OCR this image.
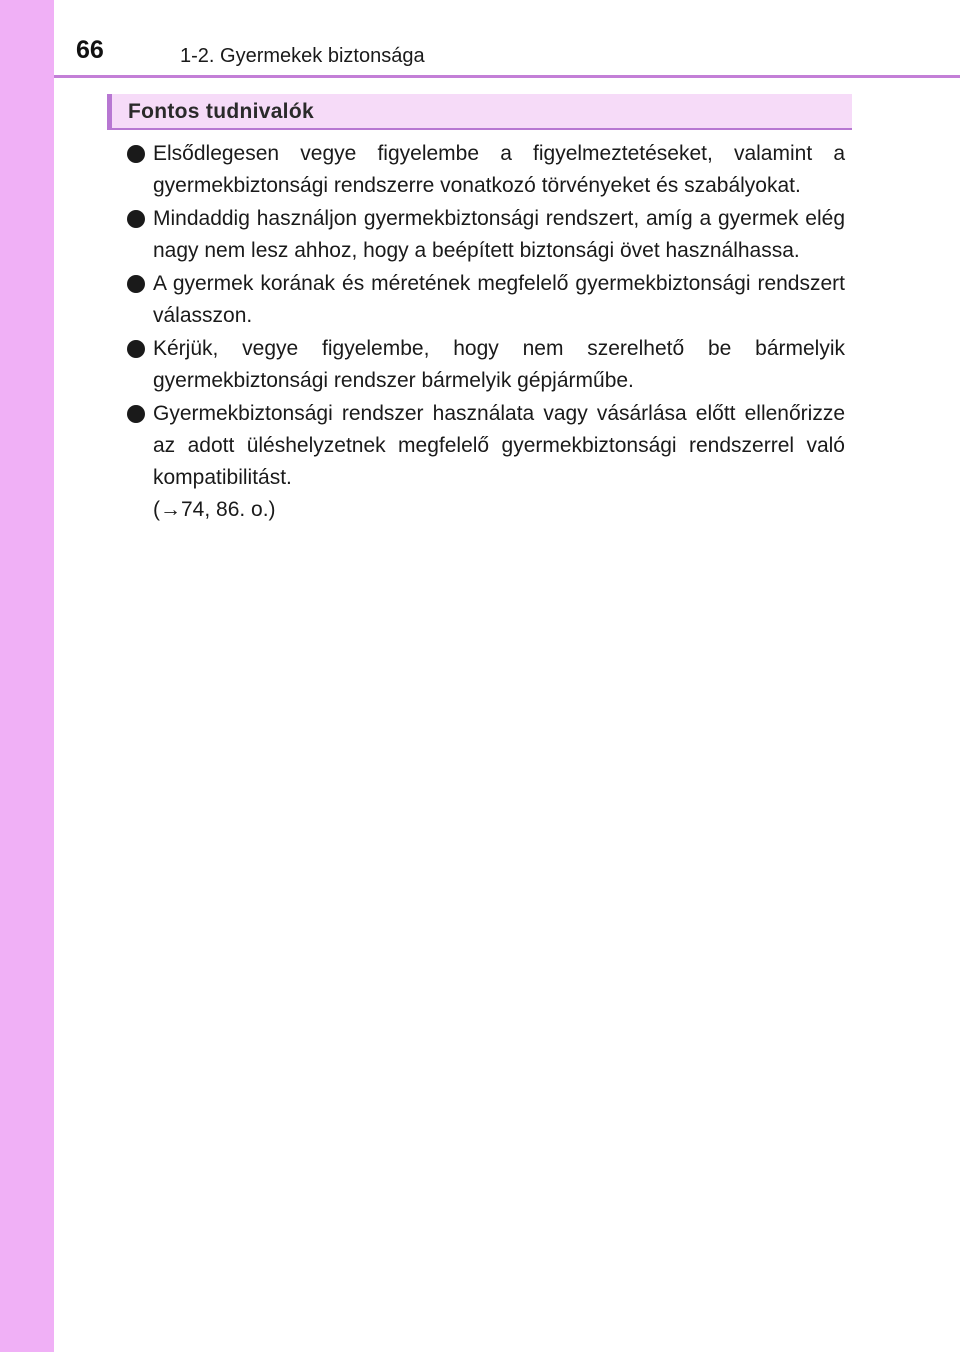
66	1-2. Gyermekek biztonsága
Fontos tudnivalók
Elsődlegesen vegye figyelembe a figyelmeztetéseket, valamint a gyermekbiztonsági rendszerre vonatkozó törvényeket és szabályokat.
Mindaddig használjon gyermekbiztonsági rendszert, amíg a gyermek elég nagy nem lesz ahhoz, hogy a beépített biztonsági övet használhassa.
A gyermek korának és méretének megfelelő gyermekbiztonsági rendszert válasszon.
Kérjük, vegye figyelembe, hogy nem szerelhető be bármelyik gyermekbiztonsági rendszer bármelyik gépjárműbe.
Gyermekbiztonsági rendszer használata vagy vásárlása előtt ellenőrizze az adott üléshelyzetnek megfelelő gyermekbiztonsági rendszerrel való kompatibilitást.
(→74, 86. o.)
